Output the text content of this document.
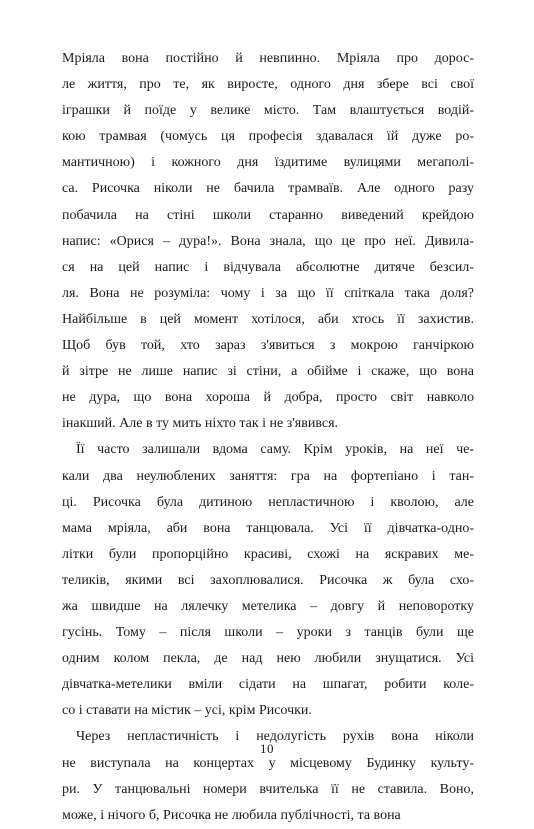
Мріяла вона постійно й невпинно. Мріяла про дорос-
ле життя, про те, як виросте, одного дня збере всі свої
іграшки й поїде у велике місто. Там влаштується водій-
кою трамвая (чомусь ця професія здавалася їй дуже ро-
мантичною) і кожного дня їздитиме вулицями мегаполі-
са. Рисочка ніколи не бачила трамваїв. Але одного разу
побачила на стіні школи старанно виведений крейдою
напис: «Орися – дура!». Вона знала, що це про неї. Дивила-
ся на цей напис і відчувала абсолютне дитяче безсил-
ля. Вона не розуміла: чому і за що її спіткала така доля?
Найбільше в цей момент хотілося, аби хтось її захистив.
Щоб був той, хто зараз з'явиться з мокрою ганчіркою
й зітре не лише напис зі стіни, а обійме і скаже, що вона
не дура, що вона хороша й добра, просто світ навколо
інакший. Але в ту мить ніхто так і не з'явився.
Її часто залишали вдома саму. Крім уроків, на неї че-
кали два неулюблених заняття: гра на фортепіано і тан-
ці. Рисочка була дитиною непластичною і кволою, але
мама мріяла, аби вона танцювала. Усі її дівчатка-одно-
літки були пропорційно красиві, схожі на яскравих ме-
теликів, якими всі захоплювалися. Рисочка ж була схо-
жа швидше на лялечку метелика – довгу й неповоротку
гусінь. Тому – після школи – уроки з танців були ще
одним колом пекла, де над нею любили знущатися. Усі
дівчатка-метелики вміли сідати на шпагат, робити коле-
со і ставати на містик – усі, крім Рисочки.
Через непластичність і недолугість рухів вона ніколи
не виступала на концертах у місцевому Будинку культу-
ри. У танцювальні номери вчителька її не ставила. Воно,
може, і нічого б, Рисочка не любила публічності, та вона
10
